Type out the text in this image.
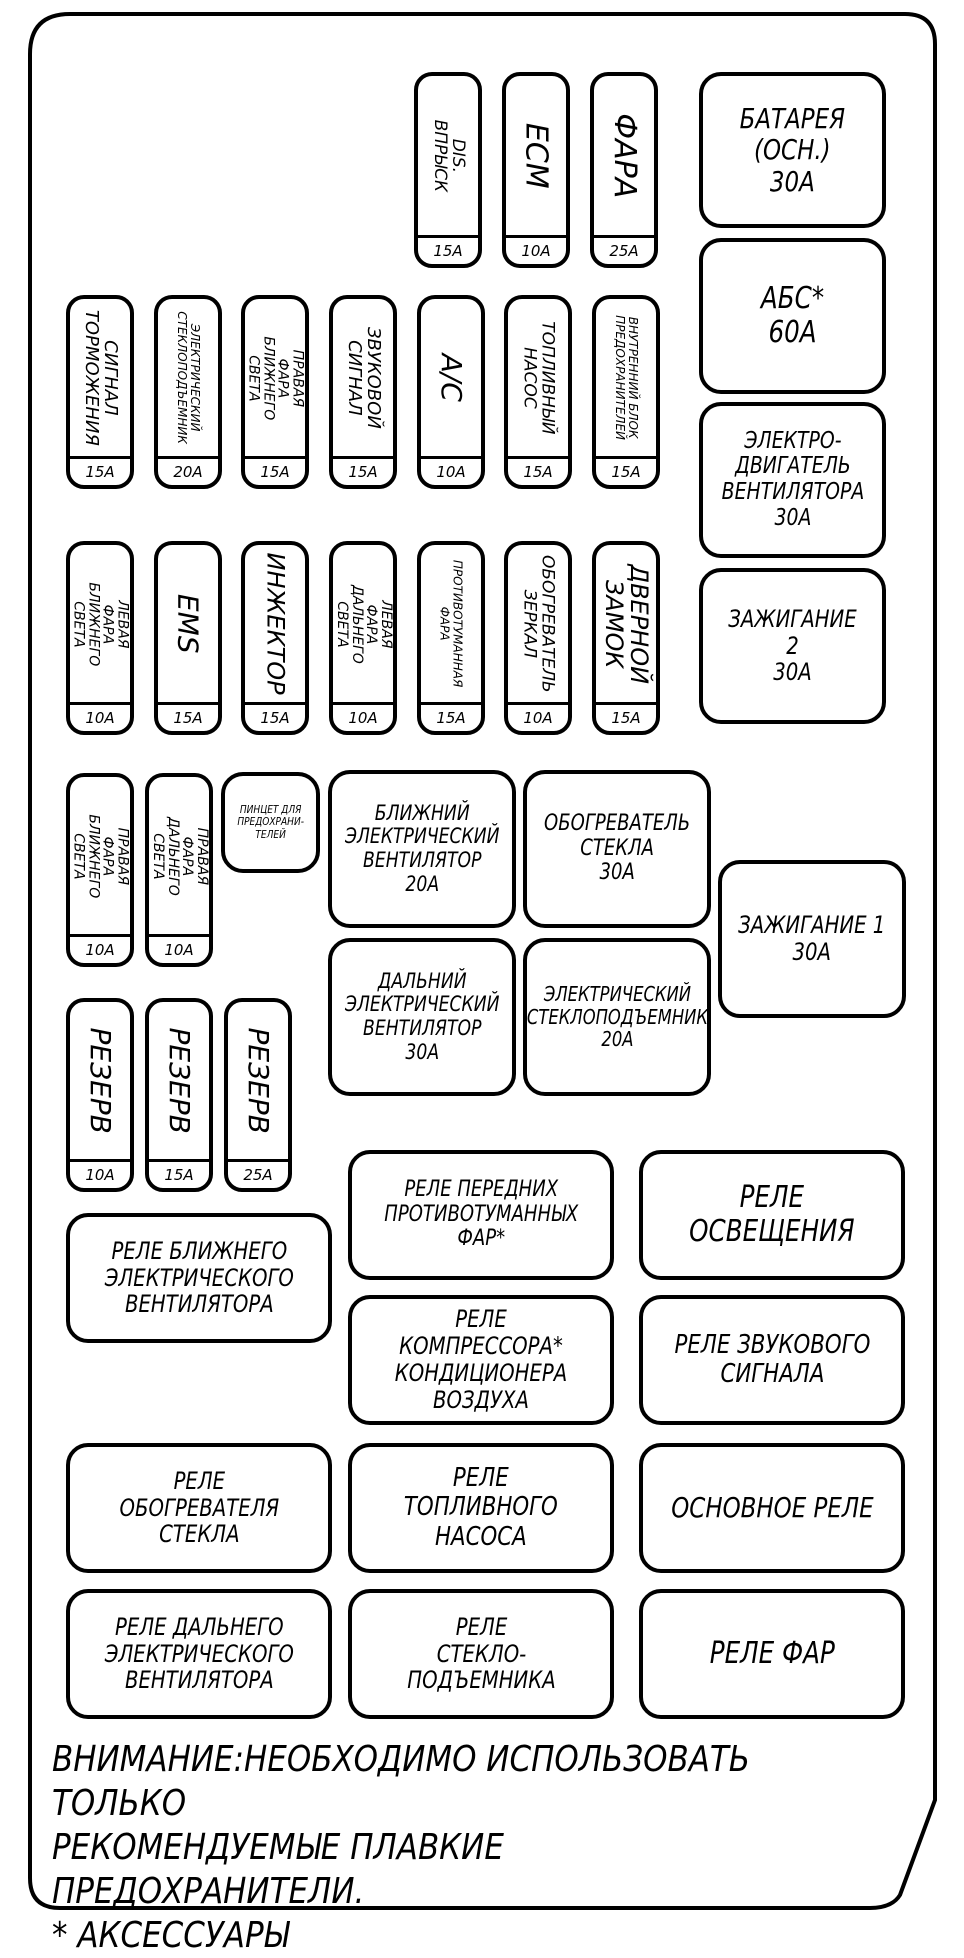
DIS. ВПРЫСК
15A
ECM
10A
ФАРА
25A
СИГНАЛ
ТОРМОЖЕНИЯ
15A
ЭЛЕКТРИЧЕСКИЙ
СТЕКЛОПОДЪЕМНИК
20A
ПРАВАЯ ФАРА
БЛИЖНЕГО СВЕТА
15A
ЗВУКОВОЙ
СИГНАЛ
15A
A/C
10A
ТОПЛИВНЫЙ
НАСОС
15A
ВНУТРЕННИЙ БЛОК
ПРЕДОХРАНИТЕЛЕЙ
15A
ЛЕВАЯ ФАРА
БЛИЖНЕГО СВЕТА
10A
EMS
15A
ИНЖЕКТОР
15A
ЛЕВАЯ ФАРА
ДАЛЬНЕГО СВЕТА
10A
ПРОТИВОТУМАННАЯ
ФАРА
15A
ОБОГРЕВАТЕЛЬ
ЗЕРКАЛ
10A
ДВЕРНОЙ
ЗАМОК
15A
ПРАВАЯ ФАРА
БЛИЖНЕГО СВЕТА
10A
ПРАВАЯ ФАРА
ДАЛЬНЕГО СВЕТА
10A
РЕЗЕРВ
10A
РЕЗЕРВ
15A
РЕЗЕРВ
25A
ПИНЦЕТ ДЛЯ
ПРЕДОХРАНИ-
ТЕЛЕЙ
БАТАРЕЯ
(ОСН.)
30A
АБС*
60A
ЭЛЕКТРО-
ДВИГАТЕЛЬ
ВЕНТИЛЯТОРА
30A
ЗАЖИГАНИЕ 2
30A
БЛИЖНИЙ
ЭЛЕКТРИЧЕСКИЙ
ВЕНТИЛЯТОР
20A
ОБОГРЕВАТЕЛЬ
СТЕКЛА
30A
ЗАЖИГАНИЕ 1
30A
ДАЛЬНИЙ
ЭЛЕКТРИЧЕСКИЙ
ВЕНТИЛЯТОР
30A
ЭЛЕКТРИЧЕСКИЙ
СТЕКЛОПОДЪЕМНИК
20A
РЕЛЕ ПЕРЕДНИХ
ПРОТИВОТУМАННЫХ
ФАР*
РЕЛЕ
ОСВЕЩЕНИЯ
РЕЛЕ БЛИЖНЕГО
ЭЛЕКТРИЧЕСКОГО
ВЕНТИЛЯТОРА
РЕЛЕ КОМПРЕССОРА*
КОНДИЦИОНЕРА
ВОЗДУХА
РЕЛЕ ЗВУКОВОГО
СИГНАЛА
РЕЛЕ
ОБОГРЕВАТЕЛЯ
СТЕКЛА
РЕЛЕ
ТОПЛИВНОГО
НАСОСА
ОСНОВНОЕ РЕЛЕ
РЕЛЕ ДАЛЬНЕГО
ЭЛЕКТРИЧЕСКОГО
ВЕНТИЛЯТОРА
РЕЛЕ
СТЕКЛО-
ПОДЪЕМНИКА
РЕЛЕ ФАР
ВНИМАНИЕ:НЕОБХОДИМО ИСПОЛЬЗОВАТЬ ТОЛЬКО
РЕКОМЕНДУЕМЫЕ ПЛАВКИЕ ПРЕДОХРАНИТЕЛИ.
* АКСЕССУАРЫ
